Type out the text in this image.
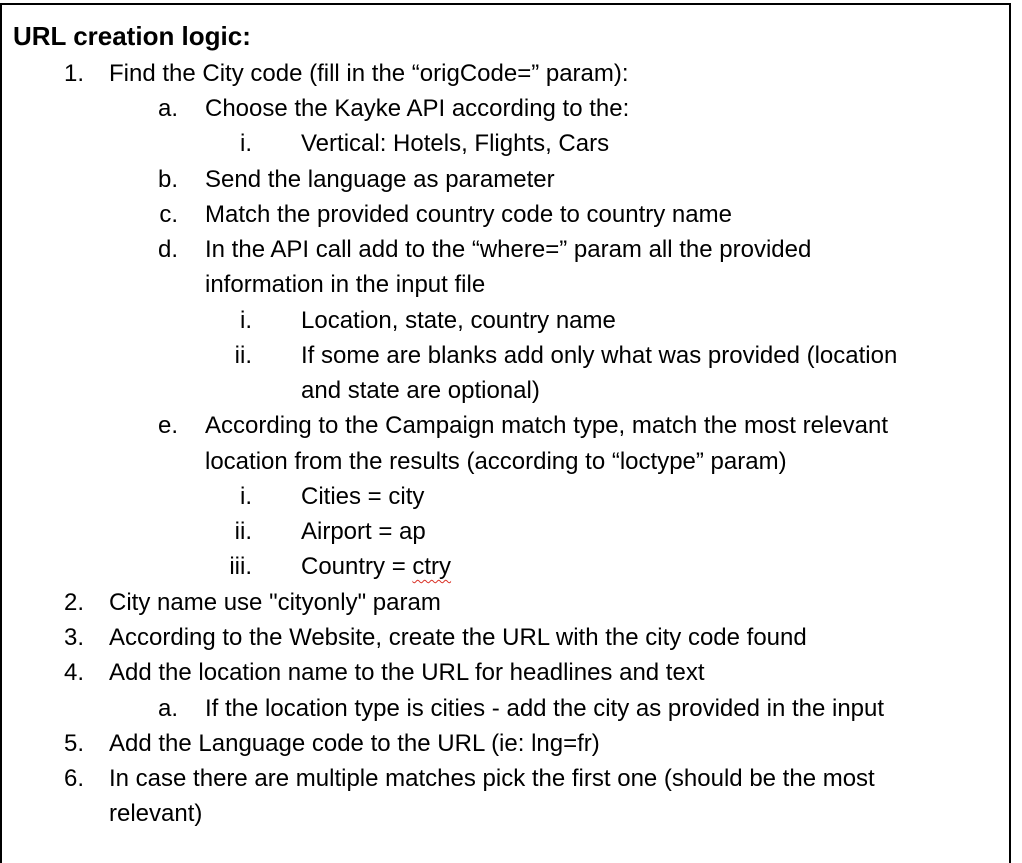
URL creation logic:
1. Find the City code (fill in the “origCode=” param):
a. Choose the Kayke API according to the:
i. Vertical: Hotels, Flights, Cars
b. Send the language as parameter
c. Match the provided country code to country name
d. In the API call add to the “where=” param all the provided
information in the input file
i. Location, state, country name
ii. If some are blanks add only what was provided (location
and state are optional)
e. According to the Campaign match type, match the most relevant
location from the results (according to “loctype” param)
i. Cities = city
ii. Airport = ap
iii. Country = ctry
2. City name use "cityonly" param
3. According to the Website, create the URL with the city code found
4. Add the location name to the URL for headlines and text
a. If the location type is cities - add the city as provided in the input
5. Add the Language code to the URL (ie: lng=fr)
6. In case there are multiple matches pick the first one (should be the most
relevant)
